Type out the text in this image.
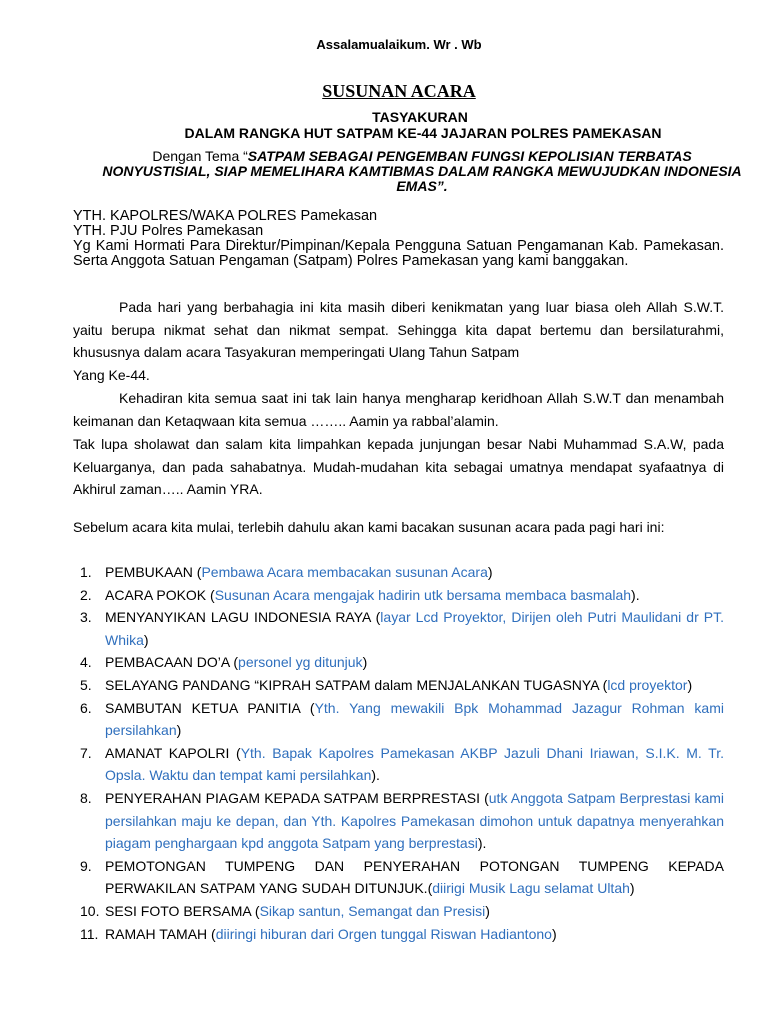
Assalamualaikum. Wr . Wb
SUSUNAN ACARA
TASYAKURAN
DALAM RANGKA HUT SATPAM KE-44 JAJARAN POLRES PAMEKASAN
Dengan Tema “SATPAM SEBAGAI PENGEMBAN FUNGSI KEPOLISIAN TERBATAS NONYUSTISIAL, SIAP MEMELIHARA KAMTIBMAS DALAM RANGKA MEWUJUDKAN INDONESIA EMAS”.
YTH. KAPOLRES/WAKA POLRES Pamekasan
YTH. PJU Polres Pamekasan
Yg Kami Hormati Para Direktur/Pimpinan/Kepala Pengguna Satuan Pengamanan Kab. Pamekasan. Serta Anggota Satuan Pengaman (Satpam) Polres Pamekasan yang kami banggakan.
Pada hari yang berbahagia ini kita masih diberi kenikmatan yang luar biasa oleh Allah S.W.T. yaitu berupa nikmat sehat dan nikmat sempat. Sehingga kita dapat bertemu dan bersilaturahmi, khususnya dalam acara Tasyakuran memperingati Ulang Tahun Satpam
Yang Ke-44.
Kehadiran kita semua saat ini tak lain hanya mengharap keridhoan Allah S.W.T dan menambah keimanan dan Ketaqwaan kita semua …….. Aamin ya rabbal’alamin.
Tak lupa sholawat dan salam kita limpahkan kepada junjungan besar Nabi Muhammad S.A.W, pada Keluarganya, dan pada sahabatnya. Mudah-mudahan kita sebagai umatnya mendapat syafaatnya di Akhirul zaman….. Aamin YRA.
Sebelum acara kita mulai, terlebih dahulu akan kami bacakan susunan acara pada pagi hari ini:
1. PEMBUKAAN (Pembawa Acara membacakan susunan Acara)
2. ACARA POKOK (Susunan Acara mengajak hadirin utk bersama membaca basmalah).
3. MENYANYIKAN LAGU INDONESIA RAYA (layar Lcd Proyektor, Dirijen oleh Putri Maulidani dr PT. Whika)
4. PEMBACAAN DO’A (personel yg ditunjuk)
5. SELAYANG PANDANG “KIPRAH SATPAM dalam MENJALANKAN TUGASNYA (lcd proyektor)
6. SAMBUTAN KETUA PANITIA (Yth. Yang mewakili Bpk Mohammad Jazagur Rohman kami persilahkan)
7. AMANAT KAPOLRI (Yth. Bapak Kapolres Pamekasan AKBP Jazuli Dhani Iriawan, S.I.K. M. Tr. Opsla. Waktu dan tempat kami persilahkan).
8. PENYERAHAN PIAGAM KEPADA SATPAM BERPRESTASI (utk Anggota Satpam Berprestasi kami persilahkan maju ke depan, dan Yth. Kapolres Pamekasan dimohon untuk dapatnya menyerahkan piagam penghargaan kpd anggota Satpam yang berprestasi).
9. PEMOTONGAN TUMPENG DAN PENYERAHAN POTONGAN TUMPENG KEPADA PERWAKILAN SATPAM YANG SUDAH DITUNJUK.(diirigi Musik Lagu selamat Ultah)
10. SESI FOTO BERSAMA (Sikap santun, Semangat dan Presisi)
11. RAMAH TAMAH (diiringi hiburan dari Orgen tunggal Riswan Hadiantono)
